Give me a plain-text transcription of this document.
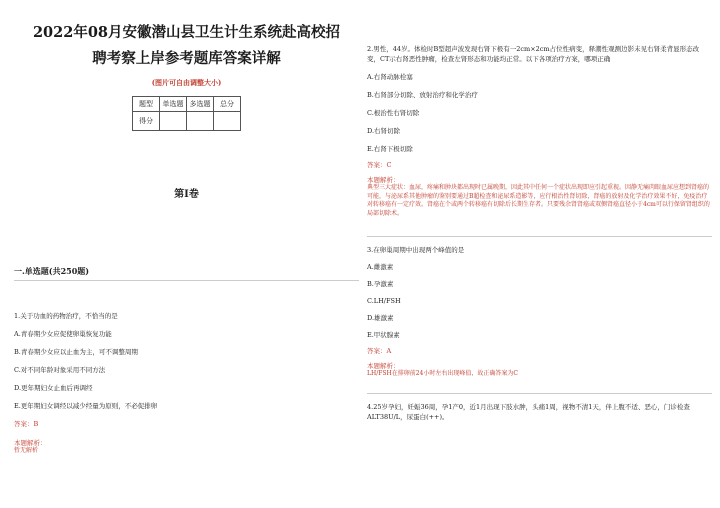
2022年08月安徽潜山县卫生计生系统赴高校招
聘考察上岸参考题库答案详解
(图片可自由调整大小)
题型	单选题	多选题	总分
得分			
第I卷
一.单选题(共250题)
1.关于功血的药物治疗，不恰当的是
A.青春期少女应促使卵巢恢复功能
B.青春期少女应以止血为主，可不调整周期
C.对不同年龄对象采用不同方法
D.更年期妇女止血后再调经
E.更年期妇女调经以减少经量为原则，不必促排卵
答案：B
本题解析：
暂无解析
2.男性，44岁。体检时B型超声波发现右肾下极有一2cm×2cm占位性病变，释潮性观测边影未见右肾柔背显形态改变，CT示右肾恶性肿瘤，检查左肾形态和功能均正常。以下各项治疗方案，哪项正确
A.右肾动脉栓塞
B.右肾部分切除、放射治疗和化学治疗
C.根治性右肾切除
D.右肾切除
E.右肾下极切除
答案：C
本题解析：
典型三大症状：血尿，疼痛和肿块都出现时已属晚期，因此其中任何一个症状出现即应引起重视。因静无痛肉眼血尿应想到肾癌的可能，与泌尿系其他肿瘤的鉴别要通过B超检查和泌尿系造影等，应行根治性肾切除，肾癌的放射及化学治疗效果不好，免疫治疗对转移癌有一定疗效。肾癌在个或两个转移癌有切除后长期生存者。只要残余肾肾癌或双侧肾癌直径小于4cm可以行保留肾组织的局部切除术。
3.在卵巢周期中出现两个峰值的是
A.雌激素
B.孕激素
C.LH/FSH
D.雄激素
E.甲状腺素
答案：A
本题解析：
LH/FSH在排卵前24小时左右出现峰值，故正确答案为C
4.25岁孕妇，妊娠36周，孕1产0，近1月出现下肢水肿，头痛1周，视物不清1天，伴上腹不适、恶心，门诊检查ALT38U/L，尿蛋白(++)。
